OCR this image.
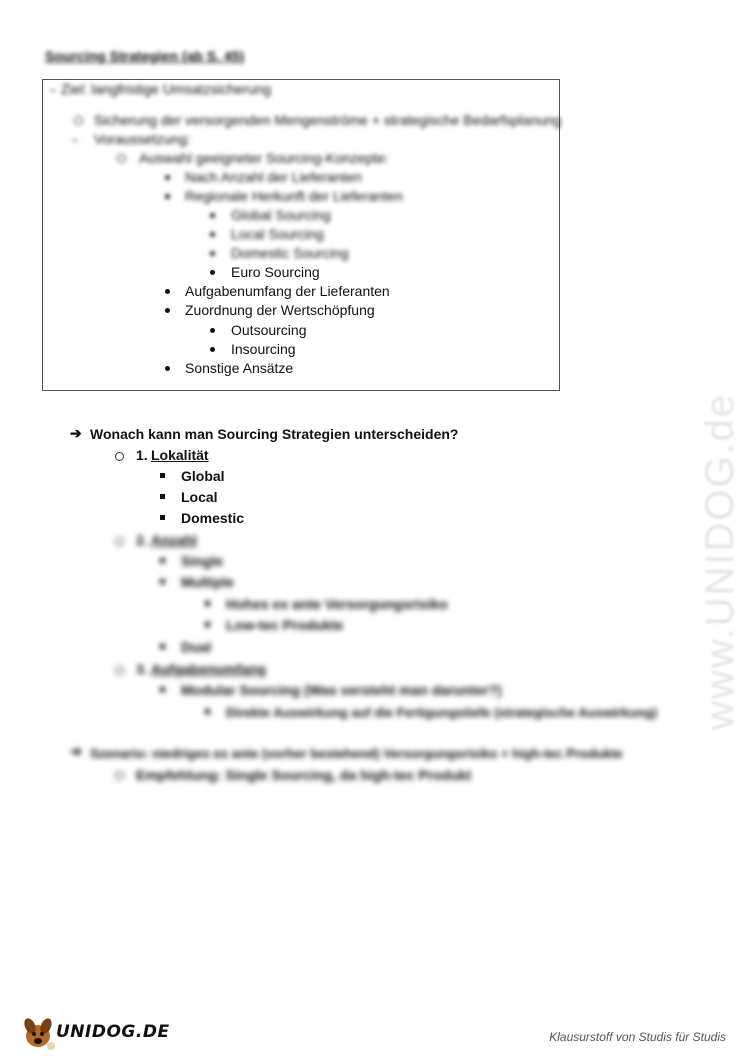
www.UNIDOG.de
Sourcing Strategien (ab S. 45)
Ziel: langfristige Umsatzsicherung
Sicherung der versorgenden Mengenströme + strategische Bedarfsplanung
Voraussetzung:
Auswahl geeigneter Sourcing-Konzepte:
Nach Anzahl der Lieferanten
Regionale Herkunft der Lieferanten
Global Sourcing
Local Sourcing
Domestic Sourcing
Euro Sourcing
Aufgabenumfang der Lieferanten
Zuordnung der Wertschöpfung
Outsourcing
Insourcing
Sonstige Ansätze
➔ Wonach kann man Sourcing Strategien unterscheiden?
1. Lokalität
Global
Local
Domestic
2. Anzahl
Single
Multiple
Hohes ex ante Versorgungsrisiko
Low-tec Produkte
Dual
3. Aufgabenumfang
Modular Sourcing (Was versteht man darunter?)
Direkte Auswirkung auf die Fertigungstiefe (strategische Auswirkung)
➔ Szenario: niedriges ex ante (vorher bestehend) Versorgungsrisiko + high-tec Produkte
Empfehlung: Single Sourcing, da high-tec Produkt
UNIDOG.DE	Klausurstoff von Studis für Studis
